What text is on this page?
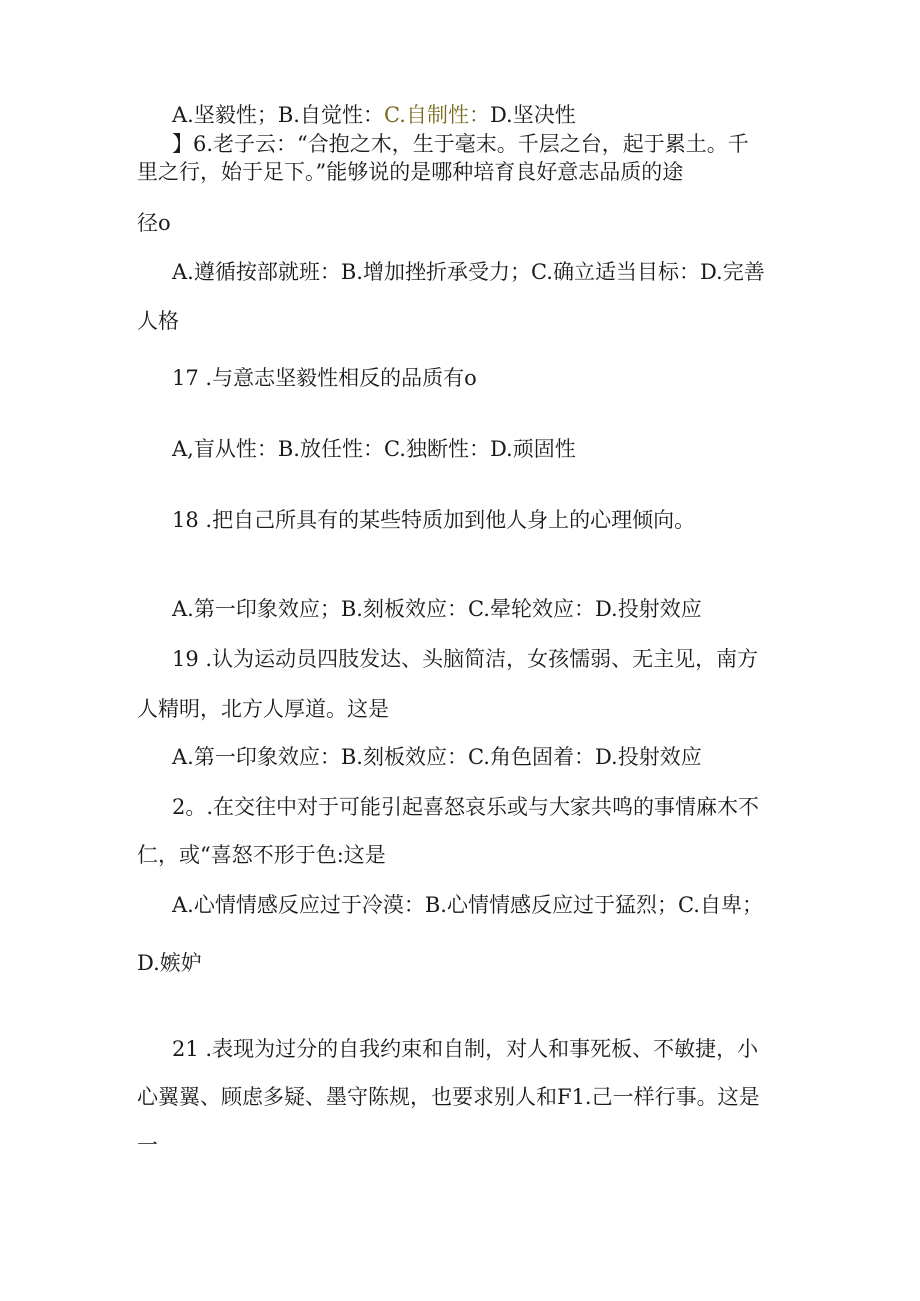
A.坚毅性；B.自觉性：C.自制性：D.坚决性
】6.老子云：“合抱之木，生于毫末。千层之台，起于累土。千
里之行，始于足下。”能够说的是哪种培育良好意志品质的途
径o
A.遵循按部就班：B.增加挫折承受力；C.确立适当目标：D.完善
人格
17 .与意志坚毅性相反的品质有o
A,盲从性：B.放任性：C.独断性：D.顽固性
18 .把自己所具有的某些特质加到他人身上的心理倾向。
A.第一印象效应；B.刻板效应：C.晕轮效应：D.投射效应
19 .认为运动员四肢发达、头脑简洁，女孩懦弱、无主见，南方
人精明，北方人厚道。这是
A.第一印象效应：B.刻板效应：C.角色固着：D.投射效应
2。.在交往中对于可能引起喜怒哀乐或与大家共鸣的事情麻木不
仁，或“喜怒不形于色:这是
A.心情情感反应过于冷漠：B.心情情感反应过于猛烈；C.自卑；
D.嫉妒
21 .表现为过分的自我约束和自制，对人和事死板、不敏捷，小
心翼翼、顾虑多疑、墨守陈规，也要求别人和F1.己一样行事。这是
一
